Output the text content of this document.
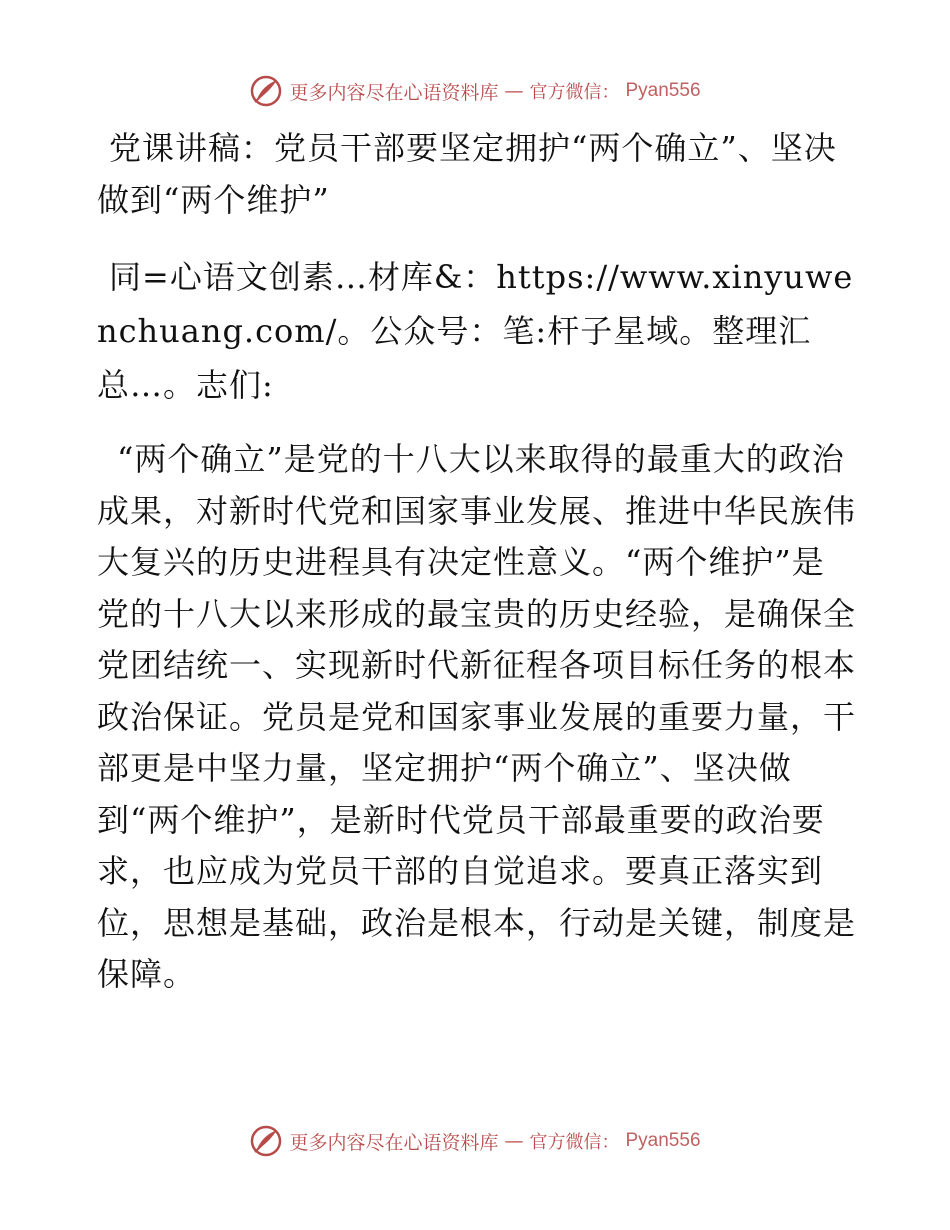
更多内容尽在心语资料库 — 官方微信： Pyan556
党课讲稿：党员干部要坚定拥护“两个确立”、坚决做到“两个维护”

同=心语文创素…材库&：https://www.xinyuwenchuang.com/。公众号：笔:杆子星域。整理汇总…。志们:

“两个确立”是党的十八大以来取得的最重大的政治成果，对新时代党和国家事业发展、推进中华民族伟大复兴的历史进程具有决定性意义。“两个维护”是党的十八大以来形成的最宝贵的历史经验，是确保全党团结统一、实现新时代新征程各项目标任务的根本政治保证。党员是党和国家事业发展的重要力量，干部更是中坚力量，坚定拥护“两个确立”、坚决做到“两个维护”，是新时代党员干部最重要的政治要求，也应成为党员干部的自觉追求。要真正落实到位，思想是基础，政治是根本，行动是关键，制度是保障。

更多内容尽在心语资料库 — 官方微信： Pyan556
